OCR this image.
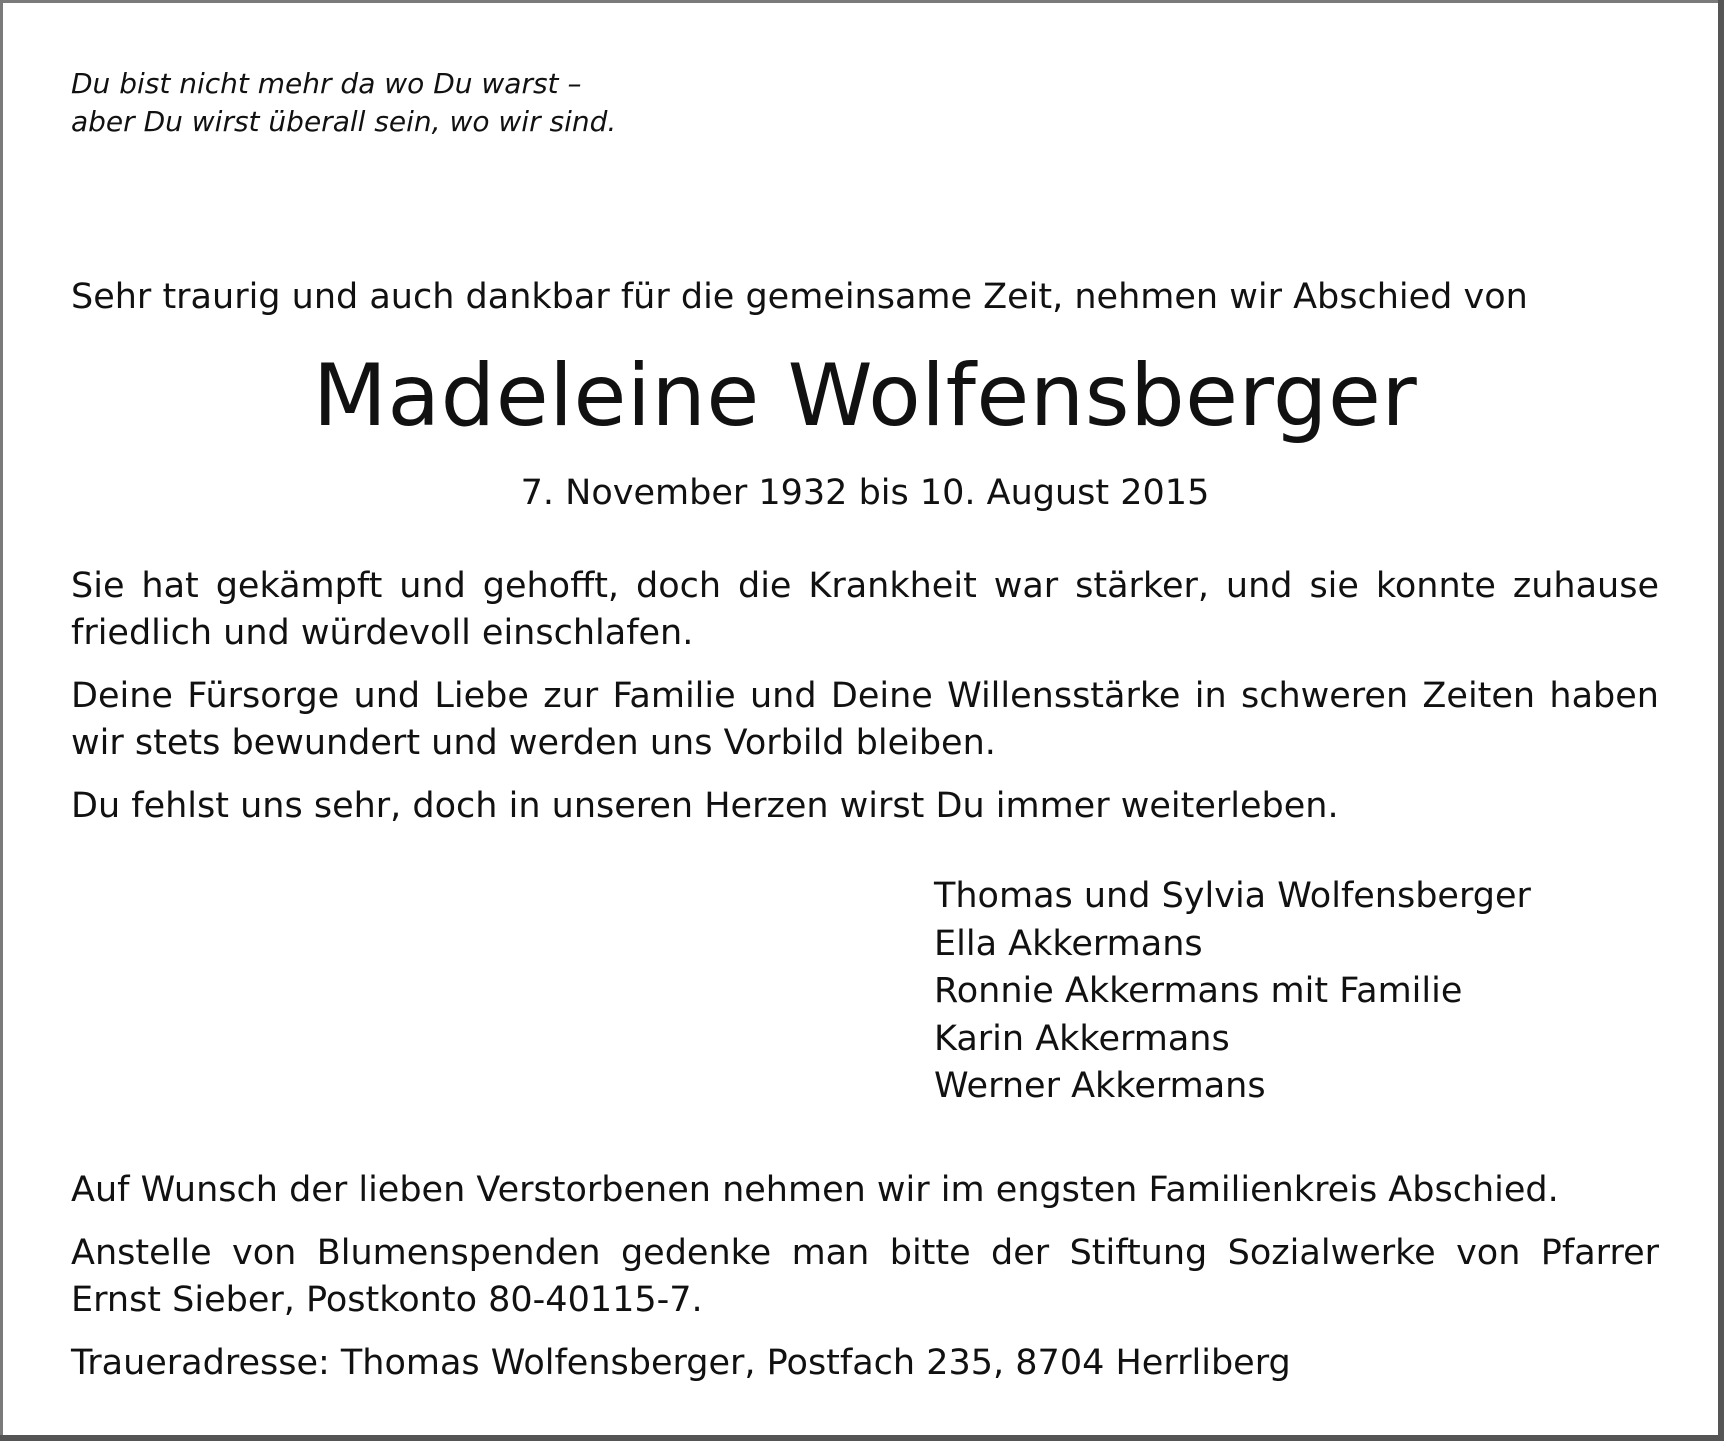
Du bist nicht mehr da wo Du warst –

aber Du wirst überall sein, wo wir sind.

Sehr traurig und auch dankbar für die gemeinsame Zeit, nehmen wir Abschied von

Madeleine Wolfensberger

7. November 1932 bis 10. August 2015

Sie hat gekämpft und gehofft, doch die Krankheit war stärker, und sie konnte zuhause friedlich und würdevoll einschlafen.

Deine Fürsorge und Liebe zur Familie und Deine Willensstärke in schweren Zeiten haben wir stets bewundert und werden uns Vorbild bleiben.

Du fehlst uns sehr, doch in unseren Herzen wirst Du immer weiterleben.

Thomas und Sylvia Wolfensberger
Ella Akkermans
Ronnie Akkermans mit Familie
Karin Akkermans
Werner Akkermans

Auf Wunsch der lieben Verstorbenen nehmen wir im engsten Familienkreis Abschied.

Anstelle von Blumenspenden gedenke man bitte der Stiftung Sozialwerke von Pfarrer Ernst Sieber, Postkonto 80-40115-7.

Traueradresse: Thomas Wolfensberger, Postfach 235, 8704 Herrliberg
